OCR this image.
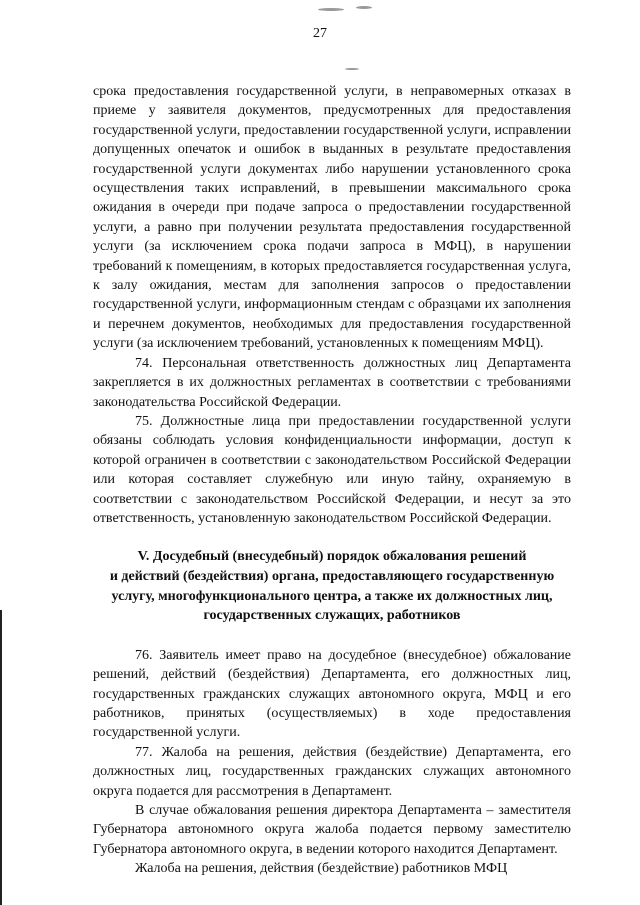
27

срока предоставления государственной услуги, в неправомерных отказах в приеме у заявителя документов, предусмотренных для предоставления государственной услуги, предоставлении государственной услуги, исправлении допущенных опечаток и ошибок в выданных в результате предоставления государственной услуги документах либо нарушении установленного срока осуществления таких исправлений, в превышении максимального срока ожидания в очереди при подаче запроса о предоставлении государственной услуги, а равно при получении результата предоставления государственной услуги (за исключением срока подачи запроса в МФЦ), в нарушении требований к помещениям, в которых предоставляется государственная услуга, к залу ожидания, местам для заполнения запросов о предоставлении государственной услуги, информационным стендам с образцами их заполнения и перечнем документов, необходимых для предоставления государственной услуги (за исключением требований, установленных к помещениям МФЦ).

74. Персональная ответственность должностных лиц Департамента закрепляется в их должностных регламентах в соответствии с требованиями законодательства Российской Федерации.

75. Должностные лица при предоставлении государственной услуги обязаны соблюдать условия конфиденциальности информации, доступ к которой ограничен в соответствии с законодательством Российской Федерации или которая составляет служебную или иную тайну, охраняемую в соответствии с законодательством Российской Федерации, и несут за это ответственность, установленную законодательством Российской Федерации.

V. Досудебный (внесудебный) порядок обжалования решений
и действий (бездействия) органа, предоставляющего государственную
услугу, многофункционального центра, а также их должностных лиц,
государственных служащих, работников

76. Заявитель имеет право на досудебное (внесудебное) обжалование решений, действий (бездействия) Департамента, его должностных лиц, государственных гражданских служащих автономного округа, МФЦ и его работников, принятых (осуществляемых) в ходе предоставления государственной услуги.

77. Жалоба на решения, действия (бездействие) Департамента, его должностных лиц, государственных гражданских служащих автономного округа подается для рассмотрения в Департамент.

В случае обжалования решения директора Департамента – заместителя Губернатора автономного округа жалоба подается первому заместителю Губернатора автономного округа, в ведении которого находится Департамент.

Жалоба на решения, действия (бездействие) работников МФЦ
